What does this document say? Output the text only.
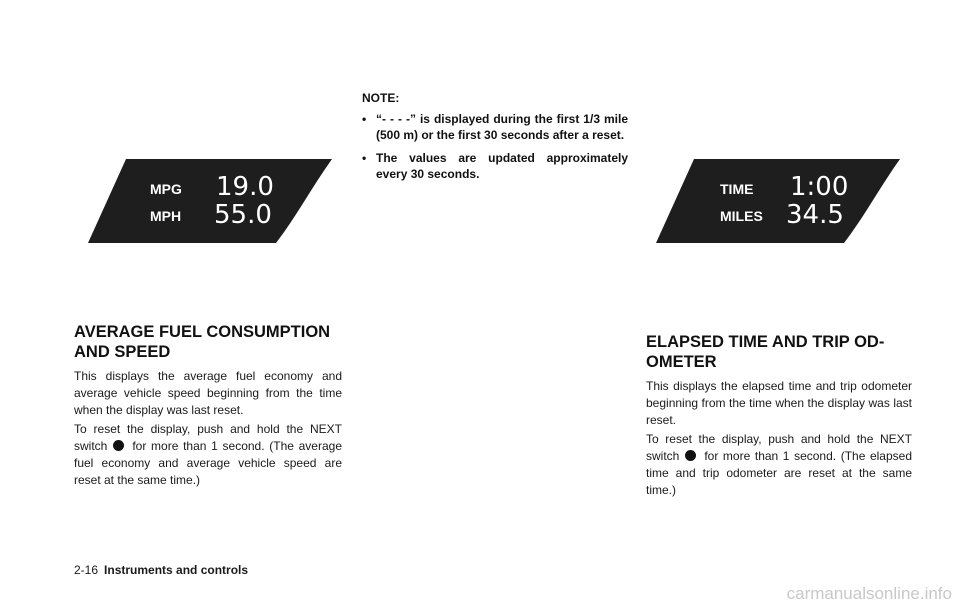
MPG
MPH
19.0
55.0
TIME
MILES
1:00
34.5
NOTE:
• “- - - -” is displayed during the first 1/3 mile (500 m) or the first 30 seconds after a reset.
• The values are updated approximately every 30 seconds.
AVERAGE FUEL CONSUMPTION
AND SPEED

This displays the average fuel economy and average vehicle speed beginning from the time when the display was last reset.

To reset the display, push and hold the NEXT switch for more than 1 second. (The average fuel economy and average vehicle speed are reset at the same time.)

ELAPSED TIME AND TRIP OD-
OMETER

This displays the elapsed time and trip odometer beginning from the time when the display was last reset.

To reset the display, push and hold the NEXT switch for more than 1 second. (The elapsed time and trip odometer are reset at the same time.)

2-16 Instruments and controls
carmanualsonline.info
